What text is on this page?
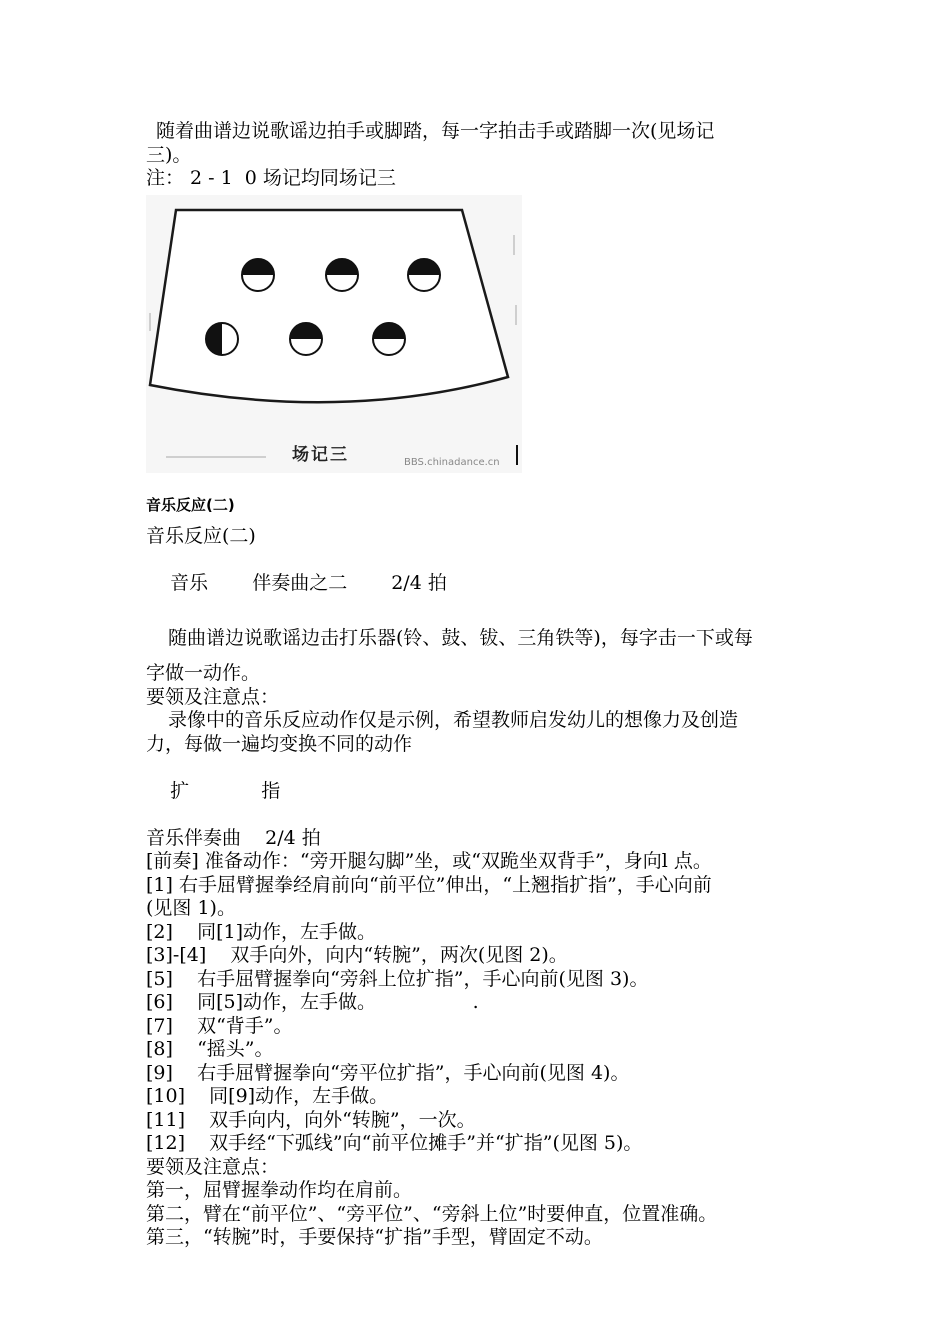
随着曲谱边说歌谣边拍手或脚踏，每一字拍击手或踏脚一次(见场记

三)。

注： 2 - 1  0 场记均同场记三

场记三	BBS.chinadance.cn
音乐反应(二)

音乐反应(二)

音乐 伴奏曲之二 2/4 拍

随曲谱边说歌谣边击打乐器(铃、鼓、钹、三角铁等)，每字击一下或每

字做一动作。

要领及注意点：

录像中的音乐反应动作仅是示例，希望教师启发幼儿的想像力及创造

力，每做一遍均变换不同的动作

扩	指

音乐伴奏曲    2/4 拍

[前奏] 准备动作：“旁开腿勾脚”坐，或“双跪坐双背手”，身向l 点。

[1] 右手屈臂握拳经肩前向“前平位”伸出，“上翘指扩指”，手心向前

(见图 1)。

[2]    同[1]动作，左手做。

[3]-[4]    双手向外，向内“转腕”，两次(见图 2)。

[5]    右手屈臂握拳向“旁斜上位扩指”，手心向前(见图 3)。

[6]    同[5]动作，左手做。                .

[7]    双“背手”。

[8]    “摇头”。

[9]    右手屈臂握拳向“旁平位扩指”，手心向前(见图 4)。

[10]    同[9]动作，左手做。

[11]    双手向内，向外“转腕”，一次。

[12]    双手经“下弧线”向“前平位摊手”并“扩指”(见图 5)。

要领及注意点：

第一，屈臂握拳动作均在肩前。

第二，臂在“前平位”、“旁平位”、“旁斜上位”时要伸直，位置准确。

第三，“转腕”时，手要保持“扩指”手型，臂固定不动。
